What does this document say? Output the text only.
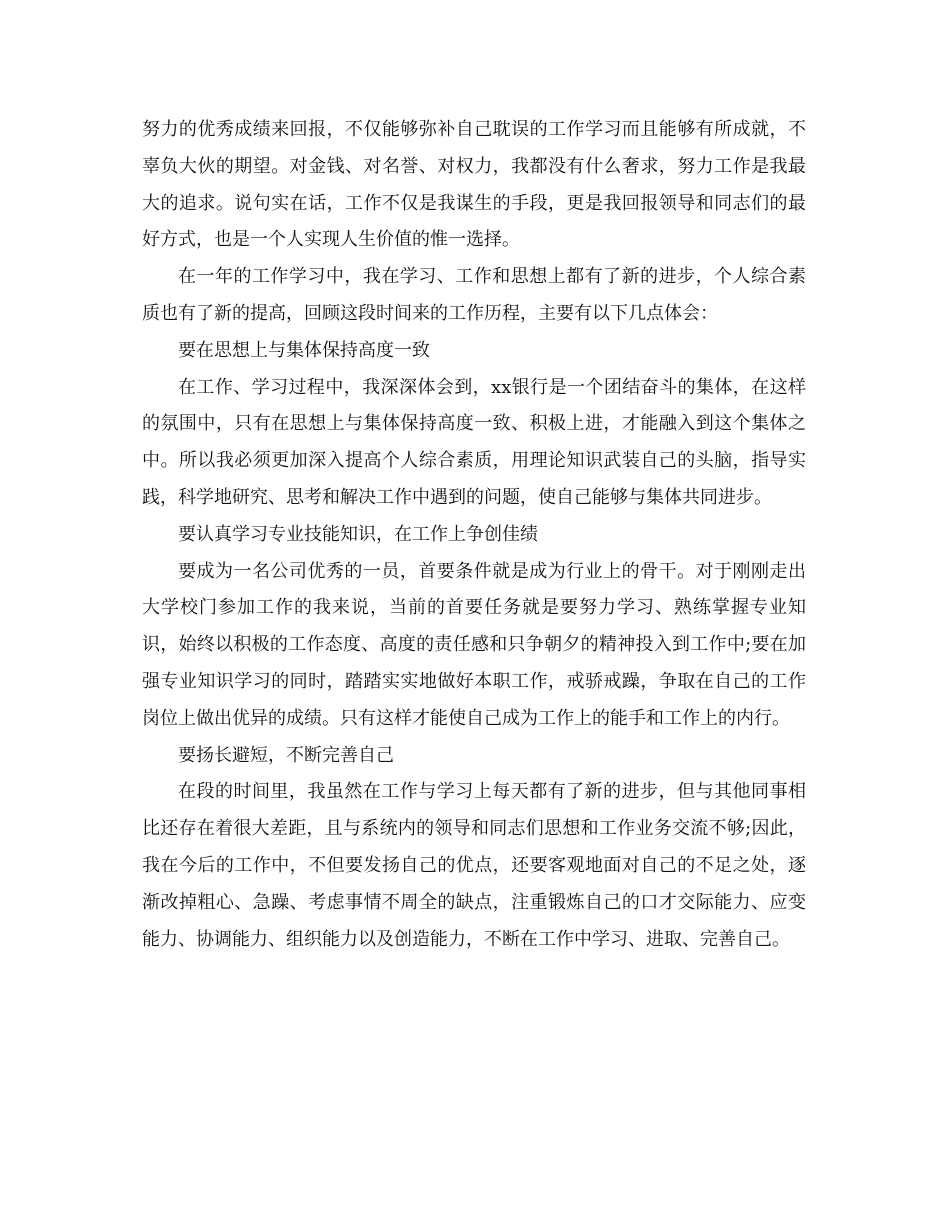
努力的优秀成绩来回报，不仅能够弥补自己耽误的工作学习而且能够有所成就，不辜负大伙的期望。对金钱、对名誉、对权力，我都没有什么奢求，努力工作是我最大的追求。说句实在话，工作不仅是我谋生的手段，更是我回报领导和同志们的最好方式，也是一个人实现人生价值的惟一选择。

在一年的工作学习中，我在学习、工作和思想上都有了新的进步，个人综合素质也有了新的提高，回顾这段时间来的工作历程，主要有以下几点体会：

要在思想上与集体保持高度一致

在工作、学习过程中，我深深体会到，xx银行是一个团结奋斗的集体，在这样的氛围中，只有在思想上与集体保持高度一致、积极上进，才能融入到这个集体之中。所以我必须更加深入提高个人综合素质，用理论知识武装自己的头脑，指导实践，科学地研究、思考和解决工作中遇到的问题，使自己能够与集体共同进步。

要认真学习专业技能知识，在工作上争创佳绩

要成为一名公司优秀的一员，首要条件就是成为行业上的骨干。对于刚刚走出大学校门参加工作的我来说，当前的首要任务就是要努力学习、熟练掌握专业知识，始终以积极的工作态度、高度的责任感和只争朝夕的精神投入到工作中;要在加强专业知识学习的同时，踏踏实实地做好本职工作，戒骄戒躁，争取在自己的工作岗位上做出优异的成绩。只有这样才能使自己成为工作上的能手和工作上的内行。

要扬长避短，不断完善自己

在段的时间里，我虽然在工作与学习上每天都有了新的进步，但与其他同事相比还存在着很大差距，且与系统内的领导和同志们思想和工作业务交流不够;因此，我在今后的工作中，不但要发扬自己的优点，还要客观地面对自己的不足之处，逐渐改掉粗心、急躁、考虑事情不周全的缺点，注重锻炼自己的口才交际能力、应变能力、协调能力、组织能力以及创造能力，不断在工作中学习、进取、完善自己。
